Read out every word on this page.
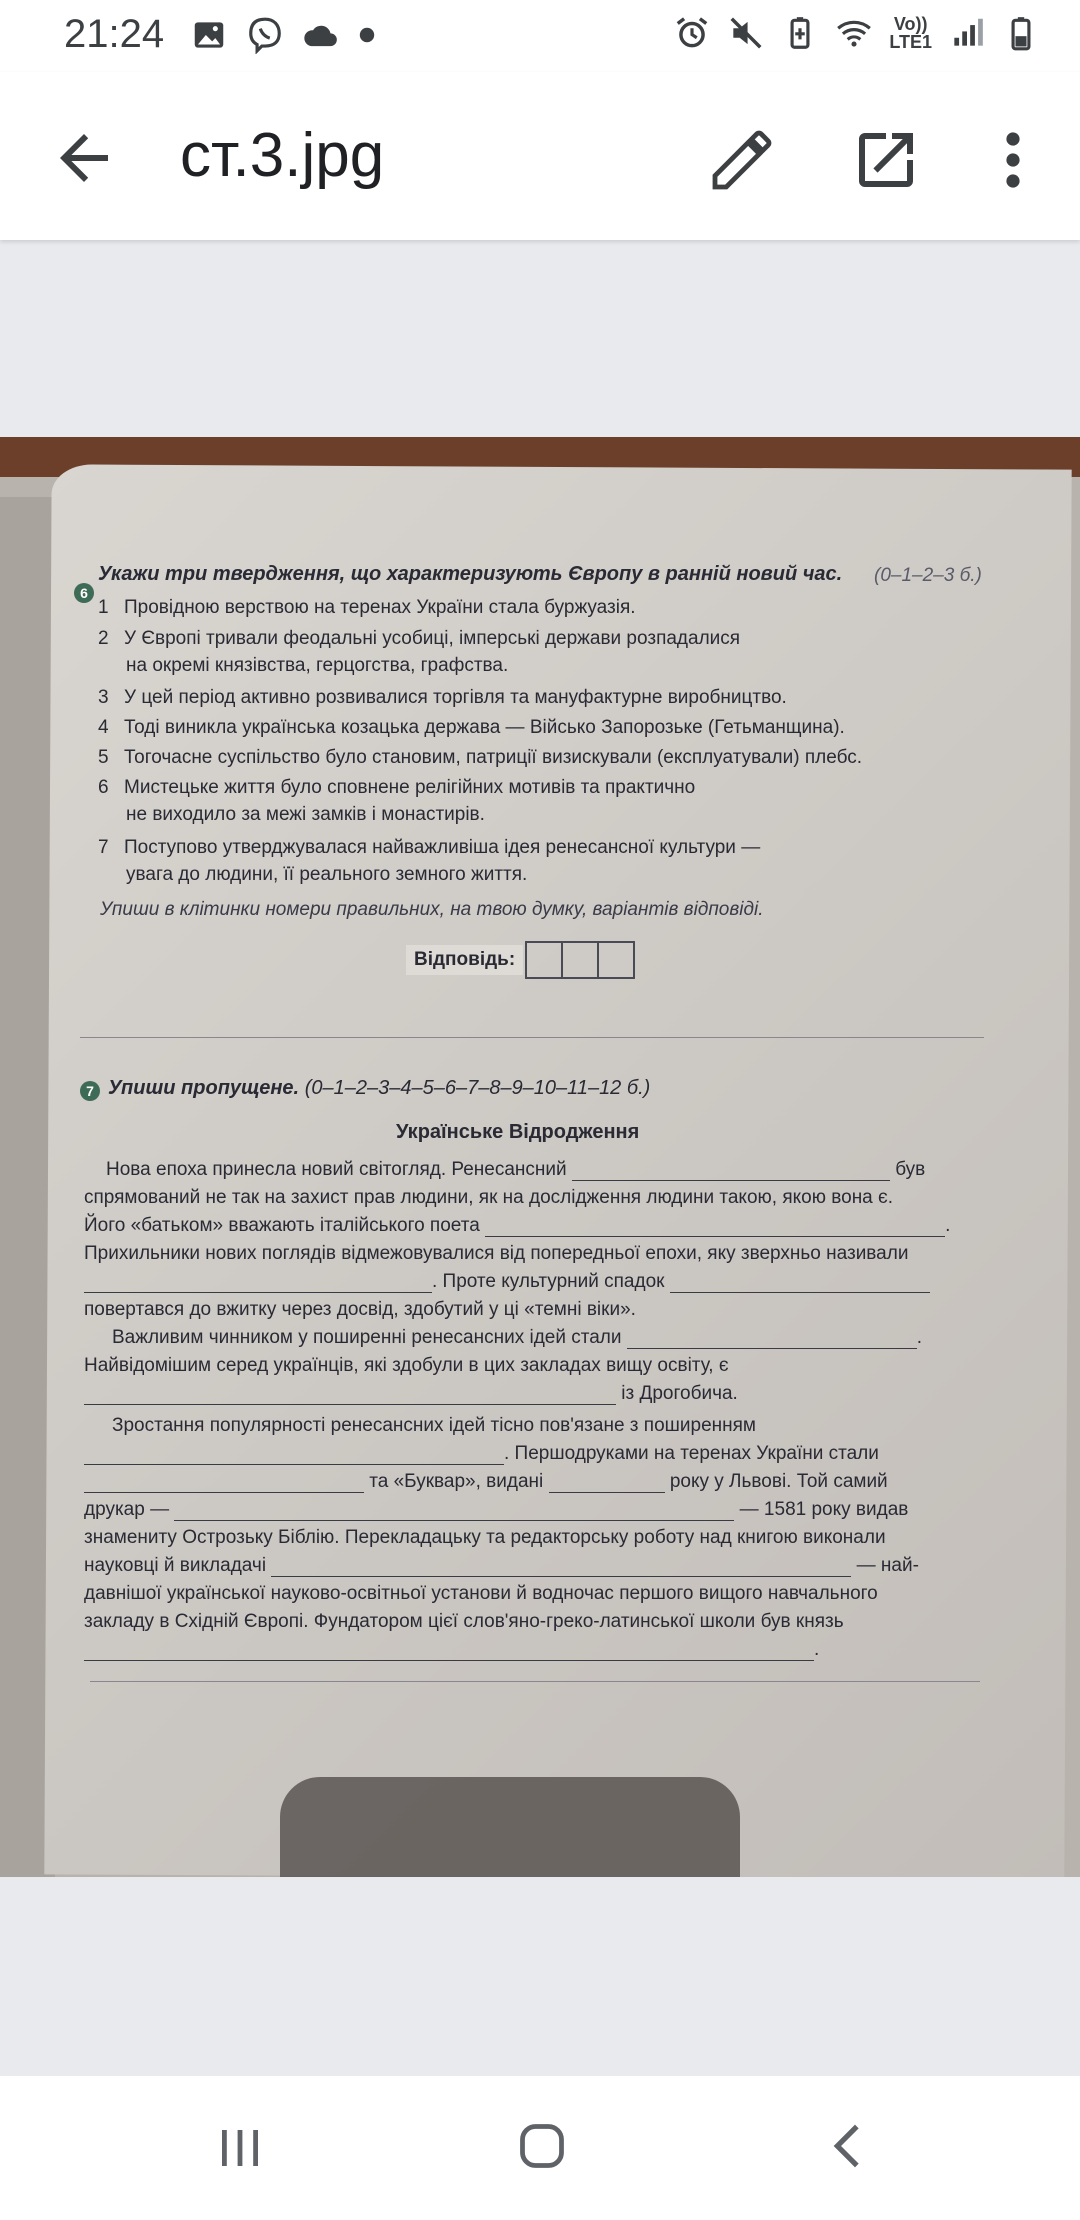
21:24	Vo))
LTE1
ст.3.jpg
6
Укажи три твердження, що характеризують Європу в ранній новий час. (0–1–2–3 б.)
1 Провідною верствою на теренах України стала буржуазія.
2 У Європі тривали феодальні усобиці, імперські держави розпадалися
на окремі князівства, герцогства, графства.
3 У цей період активно розвивалися торгівля та мануфактурне виробництво.
4 Тоді виникла українська козацька держава — Військо Запорозьке (Гетьманщина).
5 Тогочасне суспільство було становим, патриції визискували (експлуатували) плебс.
6 Мистецьке життя було сповнене релігійних мотивів та практично
не виходило за межі замків і монастирів.
7 Поступово утверджувалася найважливіша ідея ренесансної культури —
увага до людини, її реального земного життя.
Упиши в клітинки номери правильних, на твою думку, варіантів відповіді.
Відповідь:
7 Упиши пропущене. (0–1–2–3–4–5–6–7–8–9–10–11–12 б.)
Українське Відродження
Нова епоха принесла новий світогляд. Ренесансний	був
спрямований не так на захист прав людини, як на дослідження людини такою, якою вона є.
Його «батьком» вважають італійського поета	.
Прихильники нових поглядів відмежовувалися від попередньої епохи, яку зверхньо називали
. Проте культурний спадок
повертався до вжитку через досвід, здобутий у ці «темні віки».
Важливим чинником у поширенні ренесансних ідей стали	.
Найвідомішим серед українців, які здобули в цих закладах вищу освіту, є
із Дрогобича.
Зростання популярності ренесансних ідей тісно пов'язане з поширенням
. Першодруками на теренах України стали
та «Буквар», видані	року у Львові. Той самий
друкар —	— 1581 року видав
знамениту Острозьку Біблію. Перекладацьку та редакторську роботу над книгою виконали
науковці й викладачі	— най-
давнішої української науково-освітньої установи й водночас першого вищого навчального
закладу в Східній Європі. Фундатором цієї слов'яно-греко-латинської школи був князь
.
